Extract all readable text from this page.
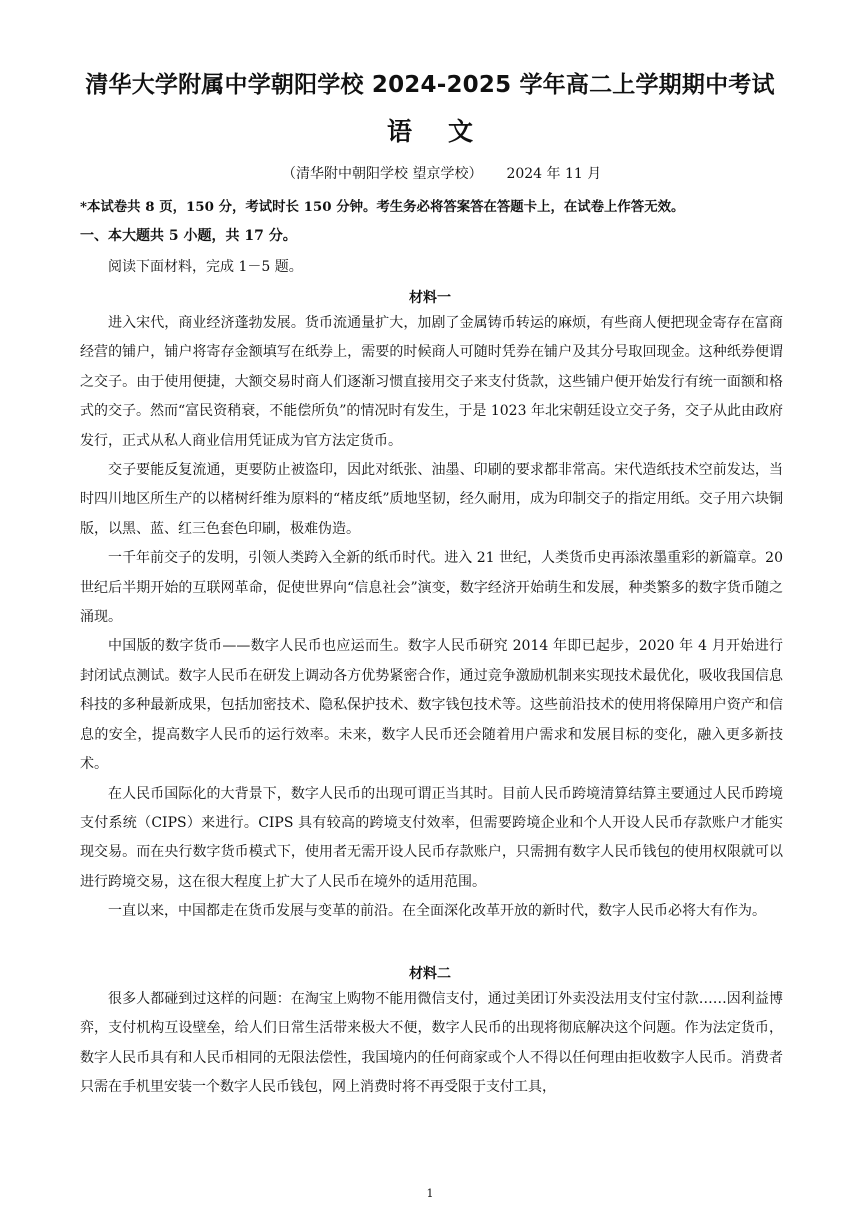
清华大学附属中学朝阳学校 2024-2025 学年高二上学期期中考试
语文
（清华附中朝阳学校 望京学校） 2024 年 11 月
*本试卷共 8 页，150 分，考试时长 150 分钟。考生务必将答案答在答题卡上，在试卷上作答无效。
一、本大题共 5 小题，共 17 分。
阅读下面材料，完成 1－5 题。
材料一

进入宋代，商业经济蓬勃发展。货币流通量扩大，加剧了金属铸币转运的麻烦，有些商人便把现金寄存在富商经营的铺户，铺户将寄存金额填写在纸券上，需要的时候商人可随时凭券在铺户及其分号取回现金。这种纸券便谓之交子。由于使用便捷，大额交易时商人们逐渐习惯直接用交子来支付货款，这些铺户便开始发行有统一面额和格式的交子。然而“富民资稍衰，不能偿所负”的情况时有发生，于是 1023 年北宋朝廷设立交子务，交子从此由政府发行，正式从私人商业信用凭证成为官方法定货币。

交子要能反复流通，更要防止被盗印，因此对纸张、油墨、印刷的要求都非常高。宋代造纸技术空前发达，当时四川地区所生产的以楮树纤维为原料的“楮皮纸”质地坚韧，经久耐用，成为印制交子的指定用纸。交子用六块铜版，以黑、蓝、红三色套色印刷，极难伪造。

一千年前交子的发明，引领人类跨入全新的纸币时代。进入 21 世纪，人类货币史再添浓墨重彩的新篇章。20 世纪后半期开始的互联网革命，促使世界向“信息社会”演变，数字经济开始萌生和发展，种类繁多的数字货币随之涌现。

中国版的数字货币——数字人民币也应运而生。数字人民币研究 2014 年即已起步，2020 年 4 月开始进行封闭试点测试。数字人民币在研发上调动各方优势紧密合作，通过竞争激励机制来实现技术最优化，吸收我国信息科技的多种最新成果，包括加密技术、隐私保护技术、数字钱包技术等。这些前沿技术的使用将保障用户资产和信息的安全，提高数字人民币的运行效率。未来，数字人民币还会随着用户需求和发展目标的变化，融入更多新技术。

在人民币国际化的大背景下，数字人民币的出现可谓正当其时。目前人民币跨境清算结算主要通过人民币跨境支付系统（CIPS）来进行。CIPS 具有较高的跨境支付效率，但需要跨境企业和个人开设人民币存款账户才能实现交易。而在央行数字货币模式下，使用者无需开设人民币存款账户，只需拥有数字人民币钱包的使用权限就可以进行跨境交易，这在很大程度上扩大了人民币在境外的适用范围。

一直以来，中国都走在货币发展与变革的前沿。在全面深化改革开放的新时代，数字人民币必将大有作为。

材料二

很多人都碰到过这样的问题：在淘宝上购物不能用微信支付，通过美团订外卖没法用支付宝付款……因利益博弈，支付机构互设壁垒，给人们日常生活带来极大不便，数字人民币的出现将彻底解决这个问题。作为法定货币，数字人民币具有和人民币相同的无限法偿性，我国境内的任何商家或个人不得以任何理由拒收数字人民币。消费者只需在手机里安装一个数字人民币钱包，网上消费时将不再受限于支付工具，

1
